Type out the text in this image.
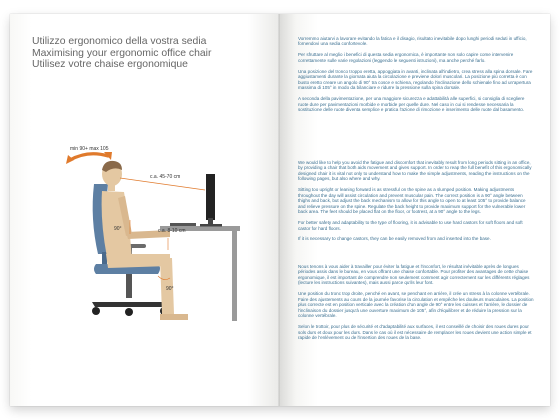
Utilizzo ergonomico della vostra sedia
Maximising your ergonomic office chair
Utilisez votre chaise ergonomique
min 90+ max 105
c.a. 45-70 cm
90°	c.a. 8-10 cm
90°

Vorremmo aiutarvi a lavorare evitando la fatica e il disagio, risultato inevitabile dopo lunghi periodi seduti in ufficio, fornendovi una sedia confortevole.

Per sfruttare al meglio i benefici di questa sedia ergonomica, è importante non solo capire come intervenire correttamente sulle varie regolazioni (leggendo le seguenti istruzioni), ma anche perché farlo.

Una posizione del tronco troppo eretta, appoggiata in avanti, inclinata all'indietro, crea stress alla spina dorsale. Fare aggiustamenti durante la giornata aiuta la circolazione e previene dolori muscolari. La posizione più corretta è con busto eretto creare un angolo di 90° tra cosce e schiena, regolando l'inclinazione dello schienale fino ad un'apertura massima di 105° in modo da bilanciare e ridurre la pressione sulla spina dorsale.

A seconda della pavimentazione, per una maggiore sicurezza e adattabilità alle superfici, si consiglia di scegliere ruote dure per pavimentazioni morbide e morbide per quelle dure. Nel caso in cui si rendesse necessaria la sostituzione delle ruote diventa semplice e pratica l'azione di rimozione e inserimento delle ruote dal basamento.

We would like to help you avoid the fatigue and discomfort that inevitably result from long periods sitting in an office, by providing a chair that both aids movement and gives support. In order to reap the full benefit of this ergonomically designed chair it is vital not only to understand how to make the simple adjustments, reading the instructions on the following pages, but also where and why.

Sitting too upright or leaning forward is as stressful on the spine as a slumped position. Making adjustments throughout the day will assist circulation and prevent muscular pain. The correct position is a 90° angle between thighs and back, but adjust the back mechanism to allow for this angle to open to at least 105° to provide balance and relieve pressure on the spine. Regulate the back height to provide maximum support for the vulnerable lower back area. The feet should be placed flat on the floor, or footrest, at a 90° angle to the legs.

For better safety and adaptability to the type of flooring, it is advisable to use hard castors for soft floors and soft castor for hard floors.

If it is necessary to change castors, they can be easily removed from and inserted into the base.

Nous tenons à vous aider à travailler pour éviter la fatigue et l'inconfort, le résultat inévitable après de longues périodes assis dans le bureau, en vous offrant une chaise confortable. Pour profiter des avantages de cette chaise ergonomique, il est important de comprendre non seulement comment agir correctement sur les différents réglages (lecture les instructions suivantes), mais aussi parce qu'ils leur font.

Une position du tronc trop droite, penché en avant, se penchant en arrière, il crée un stress à la colonne vertébrale. Faire des ajustements au cours de la journée favorise la circulation et empêche les douleurs musculaires. La position plus correcte est en position verticale avec la création d'un angle de 90° entre les cuisses et l'arrière, le dossier de l'inclinaison du dossier jusqu'à une ouverture maximum de 105°, afin d'équilibrer et de réduire la pression sur la colonne vertébrale.

Selon le trottoir, pour plus de sécurité et d'adaptabilité aux surfaces, il est conseillé de choisir des roues dures pour sols durs et doux pour les durs. Dans le cas où il est nécessaire de remplacer les roues devient une action simple et rapide de l'enlèvement ou de l'insertion des roues de la base.
